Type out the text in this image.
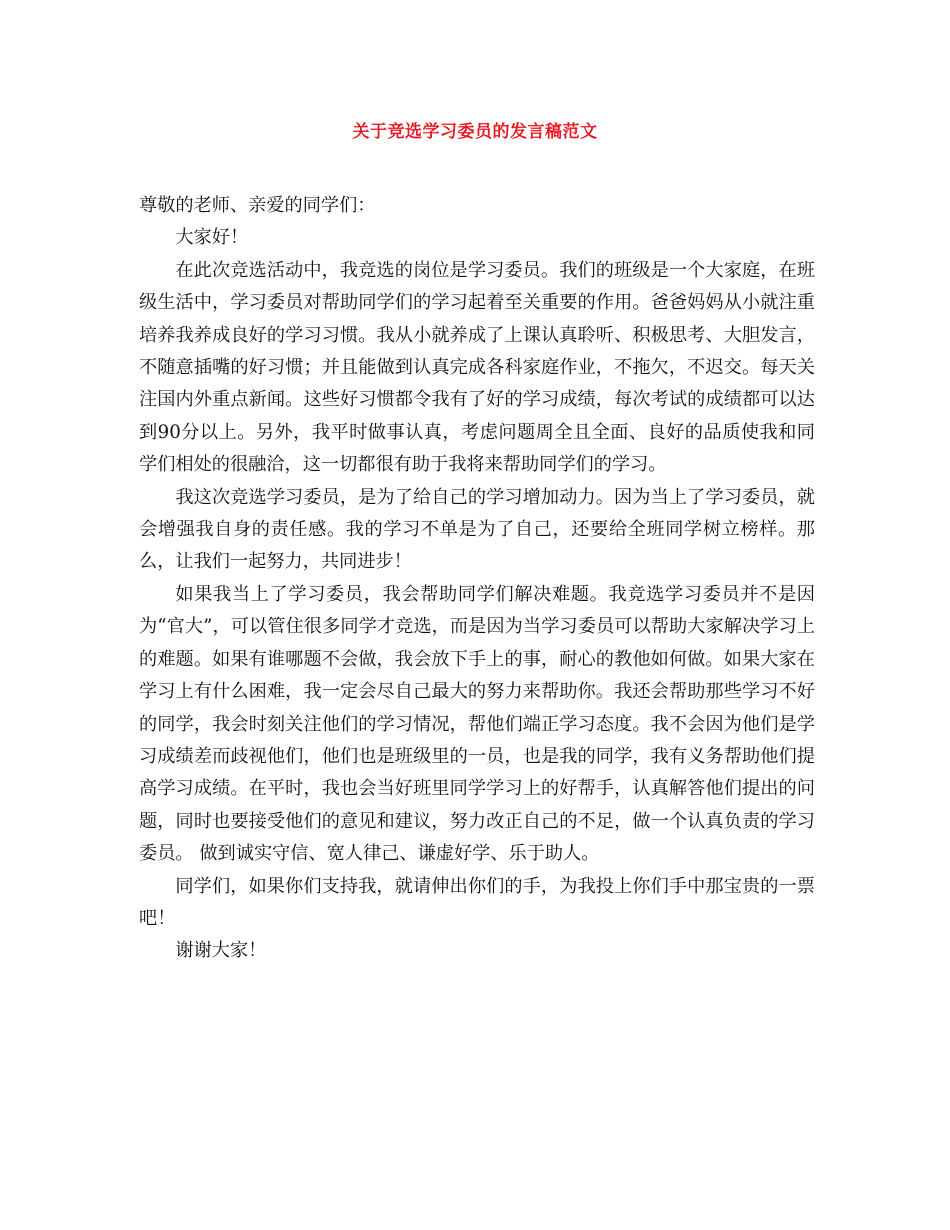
关于竞选学习委员的发言稿范文

尊敬的老师、亲爱的同学们：

大家好！

在此次竞选活动中，我竞选的岗位是学习委员。我们的班级是一个大家庭，在班级生活中，学习委员对帮助同学们的学习起着至关重要的作用。爸爸妈妈从小就注重培养我养成良好的学习习惯。我从小就养成了上课认真聆听、积极思考、大胆发言，不随意插嘴的好习惯；并且能做到认真完成各科家庭作业，不拖欠，不迟交。每天关注国内外重点新闻。这些好习惯都令我有了好的学习成绩，每次考试的成绩都可以达到90分以上。另外，我平时做事认真，考虑问题周全且全面、良好的品质使我和同学们相处的很融洽，这一切都很有助于我将来帮助同学们的学习。

我这次竞选学习委员，是为了给自己的学习增加动力。因为当上了学习委员，就会增强我自身的责任感。我的学习不单是为了自己，还要给全班同学树立榜样。那么，让我们一起努力，共同进步！

如果我当上了学习委员，我会帮助同学们解决难题。我竞选学习委员并不是因为“官大”，可以管住很多同学才竞选，而是因为当学习委员可以帮助大家解决学习上的难题。如果有谁哪题不会做，我会放下手上的事，耐心的教他如何做。如果大家在学习上有什么困难，我一定会尽自己最大的努力来帮助你。我还会帮助那些学习不好的同学，我会时刻关注他们的学习情况，帮他们端正学习态度。我不会因为他们是学习成绩差而歧视他们，他们也是班级里的一员，也是我的同学，我有义务帮助他们提高学习成绩。在平时，我也会当好班里同学学习上的好帮手，认真解答他们提出的问题，同时也要接受他们的意见和建议，努力改正自己的不足，做一个认真负责的学习委员。 做到诚实守信、宽人律己、谦虚好学、乐于助人。

同学们，如果你们支持我，就请伸出你们的手，为我投上你们手中那宝贵的一票吧！

谢谢大家！
